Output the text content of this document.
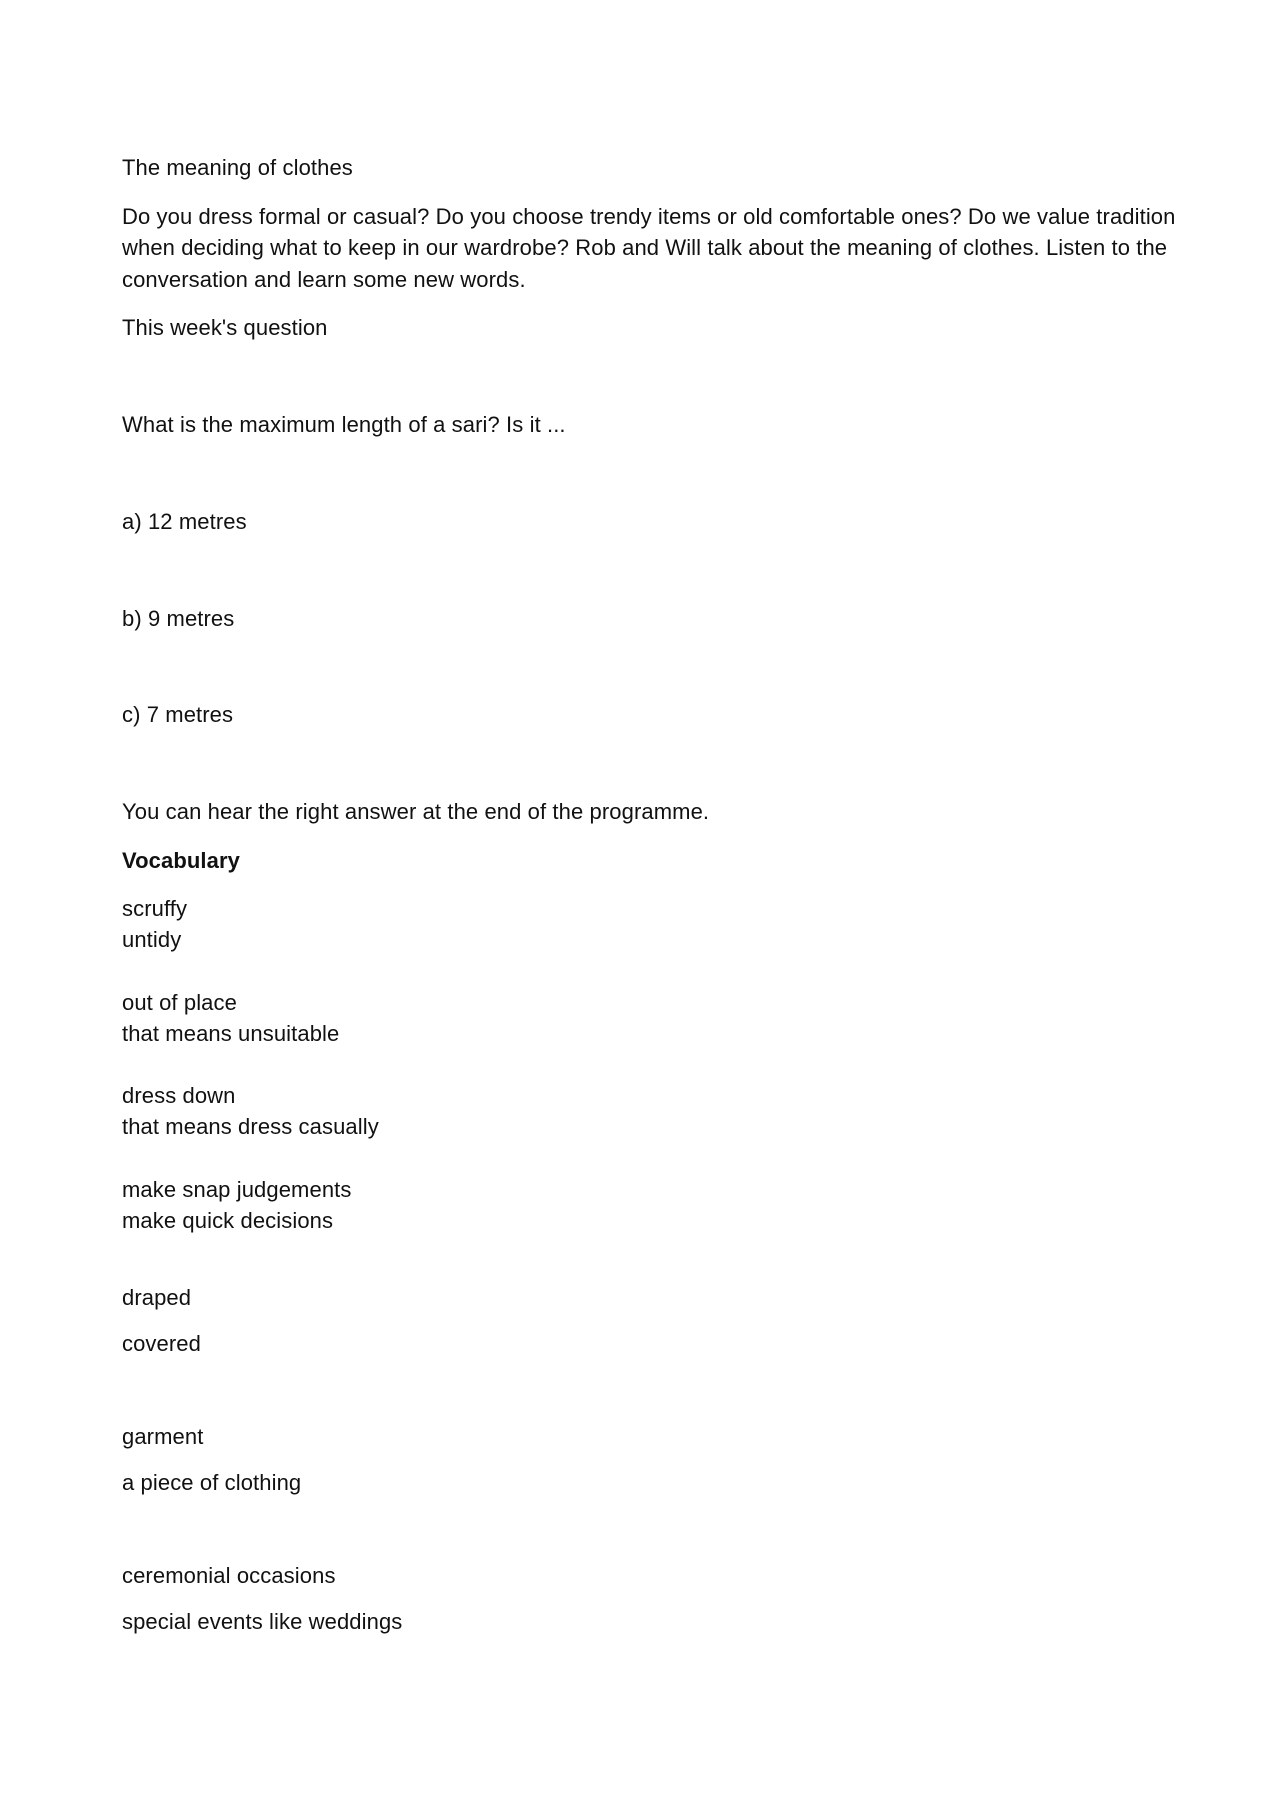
The meaning of clothes
Do you dress formal or casual? Do you choose trendy items or old comfortable ones? Do we value tradition
when deciding what to keep in our wardrobe? Rob and Will talk about the meaning of clothes. Listen to the
conversation and learn some new words.
This week's question
What is the maximum length of a sari? Is it ...
a) 12 metres
b) 9 metres
c) 7 metres
You can hear the right answer at the end of the programme.
Vocabulary
scruffy
untidy
out of place
that means unsuitable
dress down
that means dress casually
make snap judgements
make quick decisions
draped
covered
garment
a piece of clothing
ceremonial occasions
special events like weddings
